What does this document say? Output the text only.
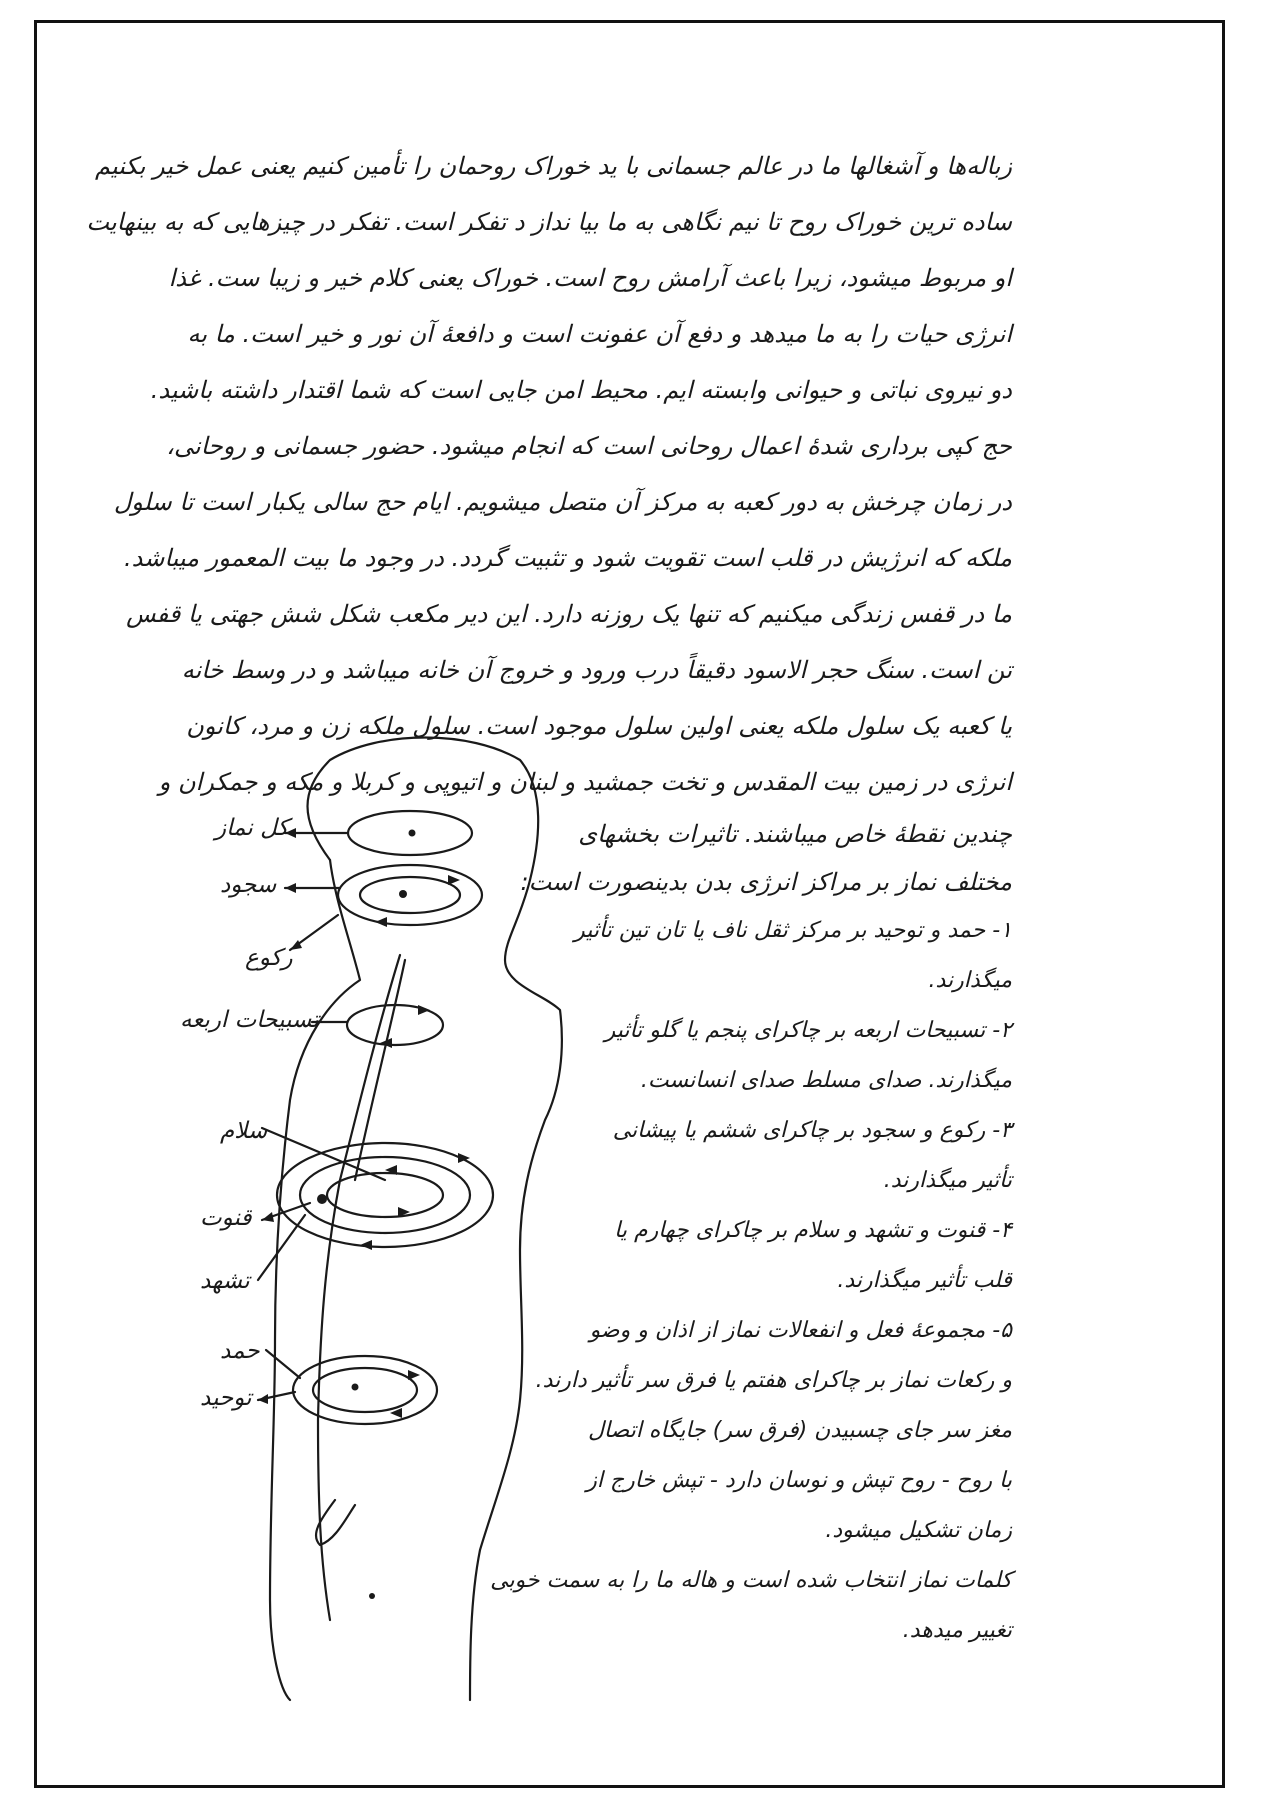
زبالەها و آشغالها ما در عالم جسمانی با ید خوراک روحمان را تأمین کنیم یعنی عمل خیر بکنیم
ساده ترین خوراک روح تا نیم نگاهی به ما بیا نداز د تفکر است. تفکر در چیزهایی که به بینهایت
او مربوط میشود، زیرا باعث آرامش روح است. خوراک یعنی کلام خیر و زیبا ست. غذا
انرژی حیات را به ما میدهد و دفع آن عفونت است و دافعۀ آن نور و خیر است. ما به
دو نیروی نباتی و حیوانی وابسته ایم. محیط امن جایی است که شما اقتدار داشته باشید.
حج کپی برداری شدۀ اعمال روحانی است که انجام میشود. حضور جسمانی و روحانی،
در زمان چرخش به دور کعبه به مرکز آن متصل میشویم. ایام حج سالی یکبار است تا سلول
ملکه که انرژیش در قلب است تقویت شود و تثبیت گردد. در وجود ما بیت المعمور میباشد.
ما در قفس زندگی میکنیم که تنها یک روزنه دارد. این دیر مکعب شکل شش جهتی یا قفس
تن است. سنگ حجر الاسود دقیقاً درب ورود و خروج آن خانه میباشد و در وسط خانه
یا کعبه یک سلول ملکه یعنی اولین سلول موجود است. سلول ملکه زن و مرد، کانون
انرژی در زمین بیت المقدس و تخت جمشید و لبنان و اتیوپی و کربلا و مکه و جمکران و
چندین نقطۀ خاص میباشند. تاثیرات بخشهای
مختلف نماز بر مراکز انرژی بدن بدینصورت است:
۱- حمد و توحید بر مرکز ثقل ناف یا تان تین تأثیر
میگذارند.
۲- تسبیحات اربعه بر چاکرای پنجم یا گلو تأثیر
میگذارند. صدای مسلط صدای انسانست.
۳- رکوع و سجود بر چاکرای ششم یا پیشانی
تأثیر میگذارند.
۴- قنوت و تشهد و سلام بر چاکرای چهارم یا
قلب تأثیر میگذارند.
۵- مجموعۀ فعل و انفعالات نماز از اذان و وضو
و رکعات نماز بر چاکرای هفتم یا فرق سر تأثیر دارند.
مغز سر جای چسبیدن (فرق سر) جایگاه اتصال
با روح - روح تپش و نوسان دارد - تپش خارج از
زمان تشکیل میشود.
کلمات نماز انتخاب شده است و هاله ما را به سمت خوبی
تغییر میدهد.
کل نماز
سجود
رکوع
تسبیحات اربعه
سلام
قنوت
تشهد
حمد
توحید
